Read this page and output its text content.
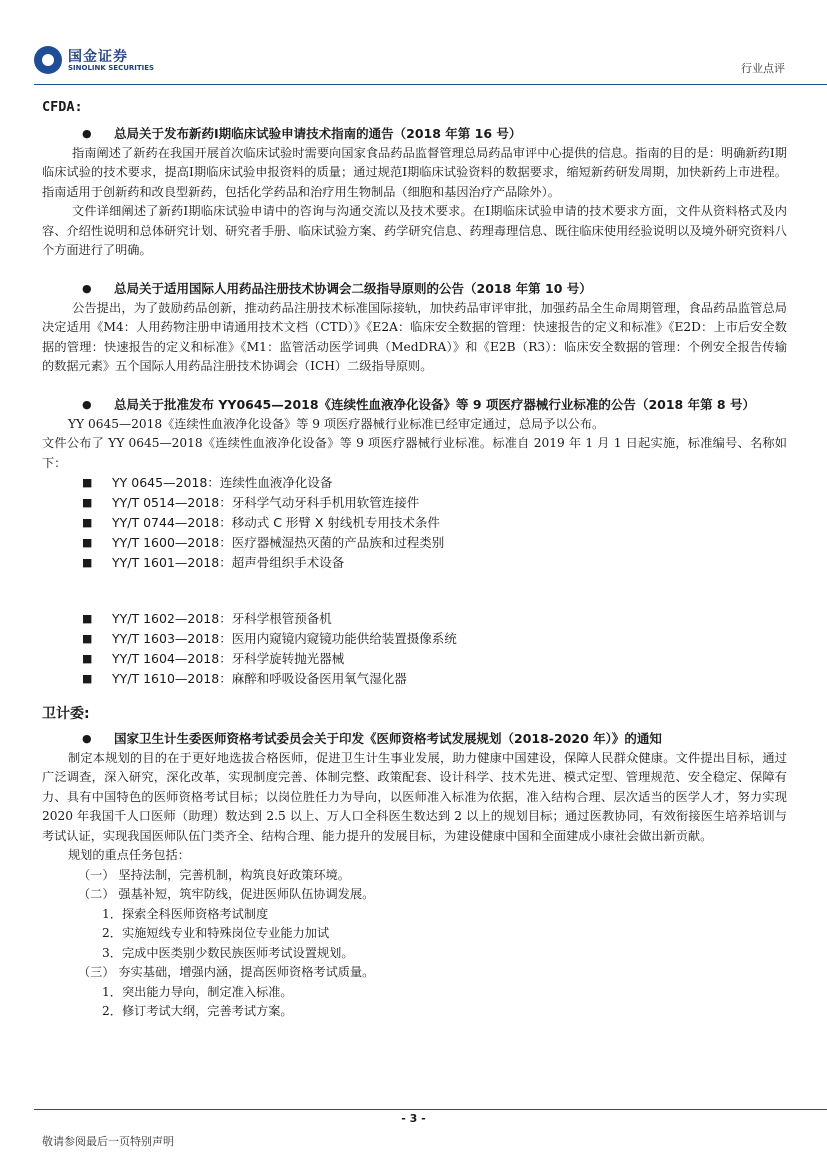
国金证券
SINOLINK SECURITIES	行业点评
CFDA:
● 总局关于发布新药Ⅰ期临床试验申请技术指南的通告（2018 年第 16 号）

指南阐述了新药在我国开展首次临床试验时需要向国家食品药品监督管理总局药品审评中心提供的信息。指南的目的是：明确新药Ⅰ期临床试验的技术要求，提高Ⅰ期临床试验申报资料的质量；通过规范Ⅰ期临床试验资料的数据要求，缩短新药研发周期，加快新药上市进程。指南适用于创新药和改良型新药，包括化学药品和治疗用生物制品（细胞和基因治疗产品除外）。

文件详细阐述了新药Ⅰ期临床试验申请中的咨询与沟通交流以及技术要求。在Ⅰ期临床试验申请的技术要求方面，文件从资料格式及内容、介绍性说明和总体研究计划、研究者手册、临床试验方案、药学研究信息、药理毒理信息、既往临床使用经验说明以及境外研究资料八个方面进行了明确。

● 总局关于适用国际人用药品注册技术协调会二级指导原则的公告（2018 年第 10 号）

公告提出，为了鼓励药品创新，推动药品注册技术标准国际接轨，加快药品审评审批，加强药品全生命周期管理，食品药品监管总局决定适用《M4：人用药物注册申请通用技术文档（CTD）》《E2A：临床安全数据的管理：快速报告的定义和标准》《E2D：上市后安全数据的管理：快速报告的定义和标准》《M1：监管活动医学词典（MedDRA）》和《E2B（R3）：临床安全数据的管理：个例安全报告传输的数据元素》五个国际人用药品注册技术协调会（ICH）二级指导原则。

● 总局关于批准发布 YY0645—2018《连续性血液净化设备》等 9 项医疗器械行业标准的公告（2018 年第 8 号）

YY 0645—2018《连续性血液净化设备》等 9 项医疗器械行业标准已经审定通过，总局予以公布。

文件公布了 YY 0645—2018《连续性血液净化设备》等 9 项医疗器械行业标准。标准自 2019 年 1 月 1 日起实施，标准编号、名称如下：

■ YY 0645—2018：连续性血液净化设备
■ YY/T 0514—2018：牙科学气动牙科手机用软管连接件
■ YY/T 0744—2018：移动式 C 形臂 X 射线机专用技术条件
■ YY/T 1600—2018：医疗器械湿热灭菌的产品族和过程类别
■ YY/T 1601—2018：超声骨组织手术设备
■ YY/T 1602—2018：牙科学根管预备机
■ YY/T 1603—2018：医用内窥镜内窥镜功能供给装置摄像系统
■ YY/T 1604—2018：牙科学旋转抛光器械
■ YY/T 1610—2018：麻醉和呼吸设备医用氧气湿化器
卫计委:
● 国家卫生计生委医师资格考试委员会关于印发《医师资格考试发展规划（2018-2020 年）》的通知

制定本规划的目的在于更好地选拔合格医师，促进卫生计生事业发展，助力健康中国建设，保障人民群众健康。文件提出目标，通过广泛调查，深入研究，深化改革，实现制度完善、体制完整、政策配套、设计科学、技术先进、模式定型、管理规范、安全稳定、保障有力、具有中国特色的医师资格考试目标；以岗位胜任力为导向，以医师准入标准为依据，准入结构合理、层次适当的医学人才，努力实现 2020 年我国千人口医师（助理）数达到 2.5 以上、万人口全科医生数达到 2 以上的规划目标；通过医教协同，有效衔接医生培养培训与考试认证，实现我国医师队伍门类齐全、结构合理、能力提升的发展目标，为建设健康中国和全面建成小康社会做出新贡献。

规划的重点任务包括：

（一） 坚持法制，完善机制，构筑良好政策环境。
（二） 强基补短，筑牢防线，促进医师队伍协调发展。
1．探索全科医师资格考试制度
2．实施短线专业和特殊岗位专业能力加试
3．完成中医类别少数民族医师考试设置规划。
（三） 夯实基础，增强内涵，提高医师资格考试质量。
1．突出能力导向，制定准入标准。
2．修订考试大纲，完善考试方案。
- 3 -
敬请参阅最后一页特别声明
